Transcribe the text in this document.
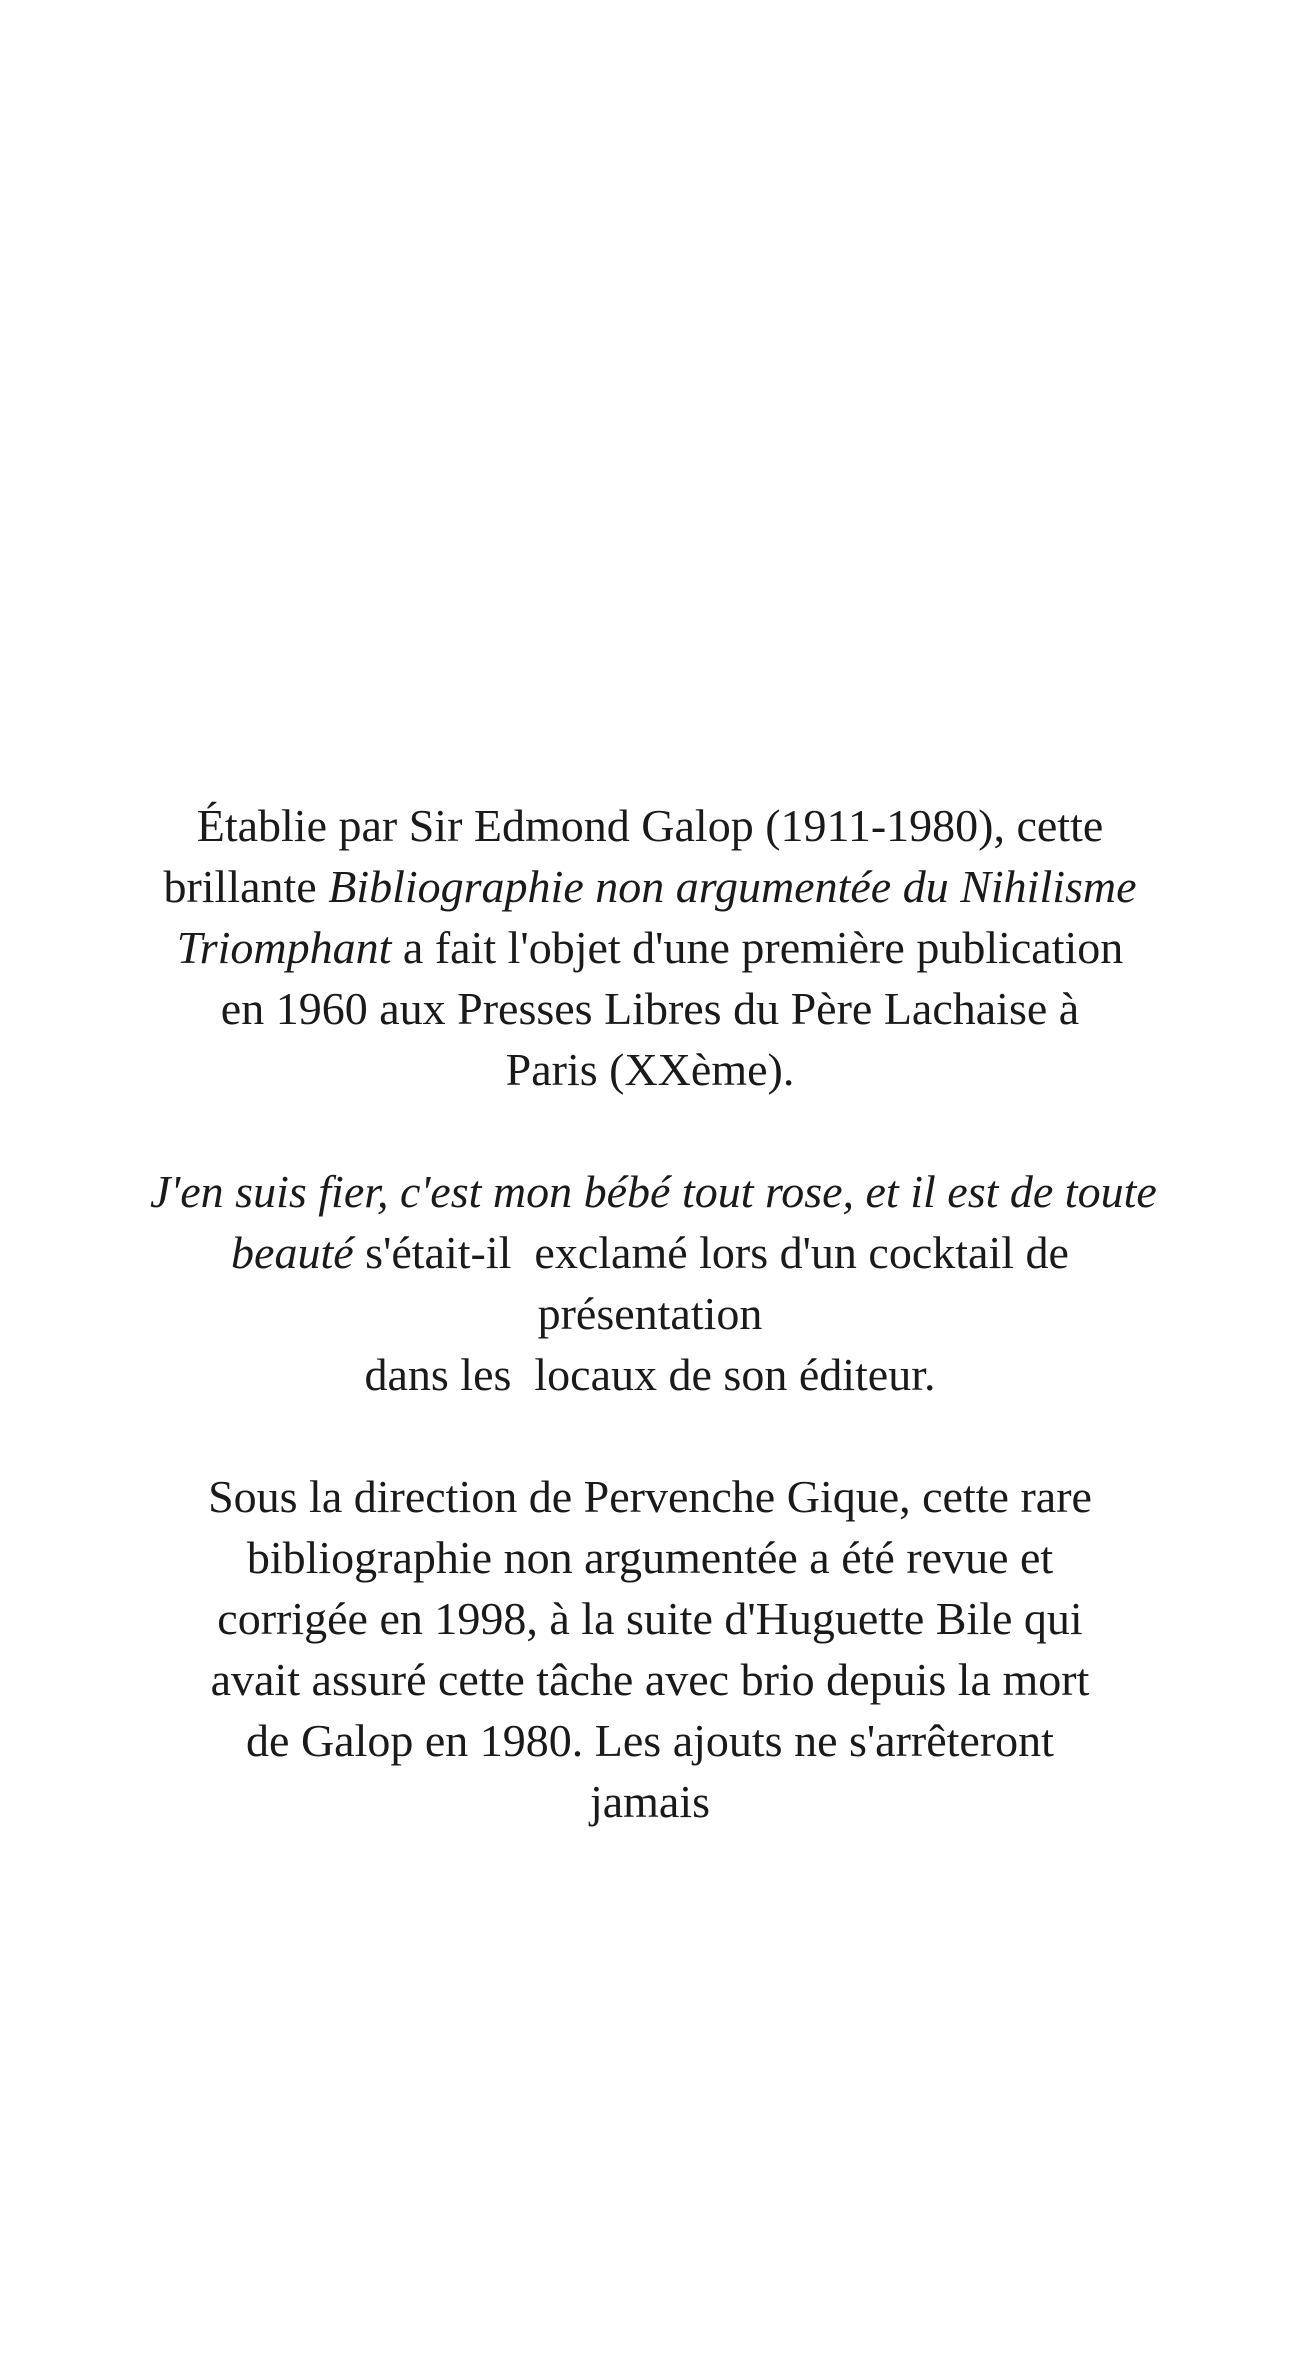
Établie par Sir Edmond Galop (1911-1980), cette
brillante Bibliographie non argumentée du Nihilisme
Triomphant a fait l'objet d'une première publication
en 1960 aux Presses Libres du Père Lachaise à
Paris (XXème).

J'en suis fier, c'est mon bébé tout rose, et il est de toute
beauté s'était-il  exclamé lors d'un cocktail de
présentation
dans les  locaux de son éditeur.

Sous la direction de Pervenche Gique, cette rare
bibliographie non argumentée a été revue et
corrigée en 1998, à la suite d'Huguette Bile qui
avait assuré cette tâche avec brio depuis la mort
de Galop en 1980. Les ajouts ne s'arrêteront
jamais
